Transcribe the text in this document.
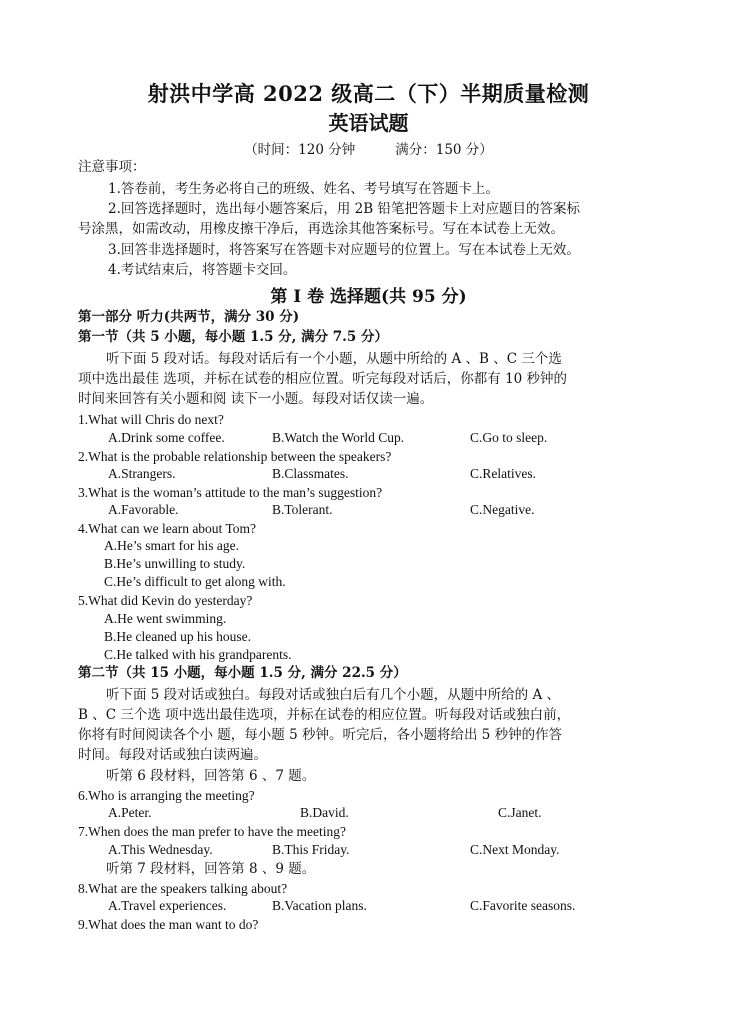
射洪中学高 2022 级高二（下）半期质量检测
英语试题
（时间：120 分钟	满分：150 分）
注意事项：
1.答卷前，考生务必将自己的班级、姓名、考号填写在答题卡上。
2.回答选择题时，选出每小题答案后，用 2B 铅笔把答题卡上对应题目的答案标
号涂黑，如需改动，用橡皮擦干净后，再选涂其他答案标号。写在本试卷上无效。
3.回答非选择题时，将答案写在答题卡对应题号的位置上。写在本试卷上无效。
4.考试结束后，将答题卡交回。
第 I 卷 选择题(共 95 分)
第一部分 听力(共两节，满分 30 分)
第一节（共 5 小题，每小题 1.5 分, 满分 7.5 分）
听下面 5 段对话。每段对话后有一个小题，从题中所给的 A 、B 、C 三个选
项中选出最佳 选项，并标在试卷的相应位置。听完每段对话后，你都有 10 秒钟的
时间来回答有关小题和阅 读下一小题。每段对话仅读一遍。
1.What will Chris do next?
A.Drink some coffee.	B.Watch the World Cup.	C.Go to sleep.
2.What is the probable relationship between the speakers?
A.Strangers.	B.Classmates.	C.Relatives.
3.What is the woman’s attitude to the man’s suggestion?
A.Favorable.	B.Tolerant.	C.Negative.
4.What can we learn about Tom?
A.He’s smart for his age.
B.He’s unwilling to study.
C.He’s difficult to get along with.
5.What did Kevin do yesterday?
A.He went swimming.
B.He cleaned up his house.
C.He talked with his grandparents.
第二节（共 15 小题，每小题 1.5 分, 满分 22.5 分）
听下面 5 段对话或独白。每段对话或独白后有几个小题，从题中所给的 A 、
B 、C 三个选 项中选出最佳选项，并标在试卷的相应位置。听每段对话或独白前，
你将有时间阅读各个小 题，每小题 5 秒钟。听完后，各小题将给出 5 秒钟的作答
时间。每段对话或独白读两遍。
听第 6 段材料，回答第 6 、7 题。
6.Who is arranging the meeting?
A.Peter.	B.David.	C.Janet.
7.When does the man prefer to have the meeting?
A.This Wednesday.	B.This Friday.	C.Next Monday.
听第 7 段材料，回答第 8 、9 题。
8.What are the speakers talking about?
A.Travel experiences.	B.Vacation plans.	C.Favorite seasons.
9.What does the man want to do?
